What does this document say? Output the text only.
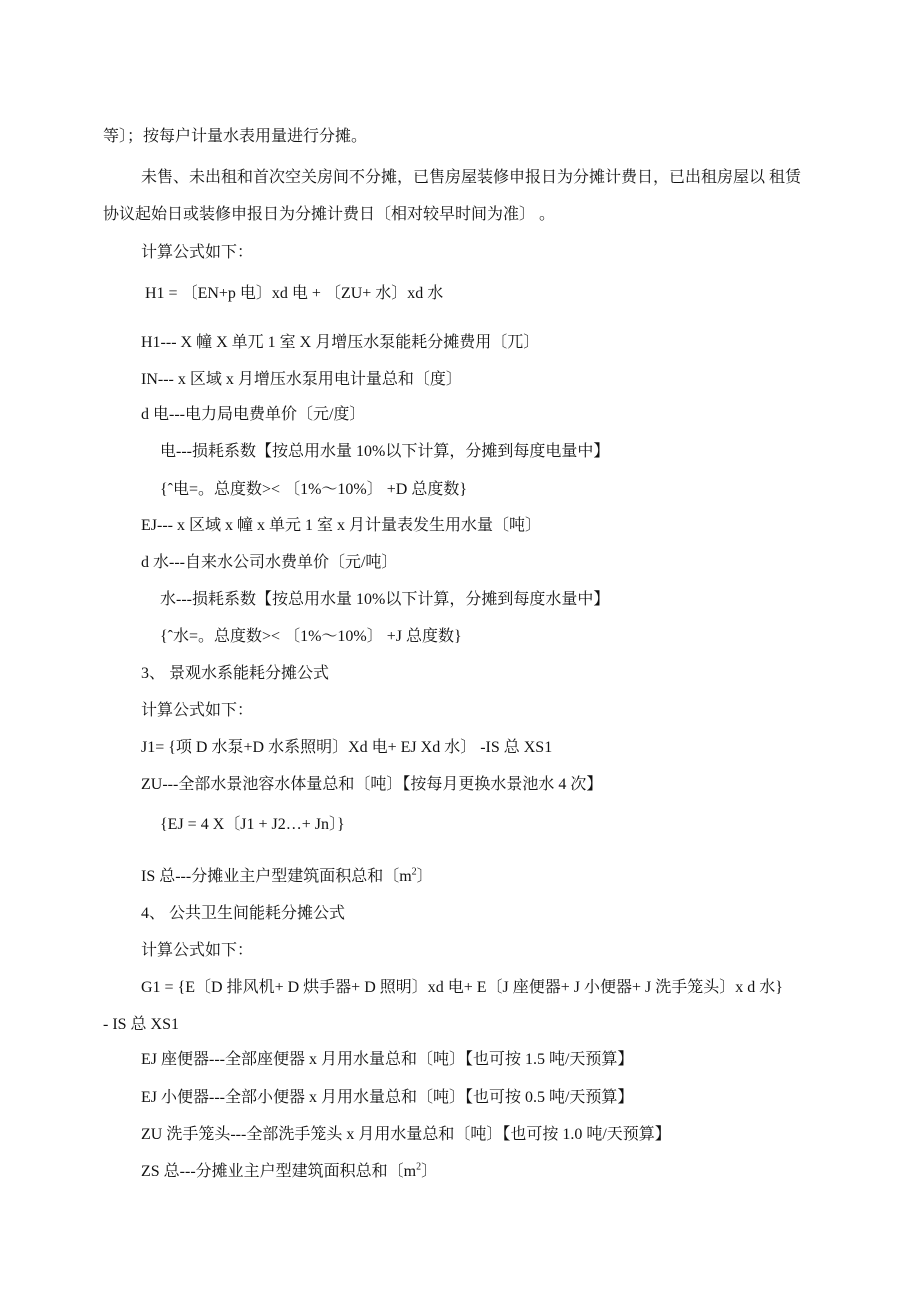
等〕；按每户计量水表用量进行分摊。
未售、未出租和首次空关房间不分摊，已售房屋装修申报日为分摊计费日，已出租房屋以 租赁
协议起始日或装修申报日为分摊计费日〔相对较早时间为准〕 。
计算公式如下：
H1 = 〔EN+p 电〕xd 电 + 〔ZU+ 水〕xd 水
H1--- X 幢 X 单兀 1 室 X 月增压水泵能耗分摊费用〔兀〕
IN--- x 区域 x 月增压水泵用电计量总和〔度〕
d 电---电力局电费单价〔元/度〕
电---损耗系数【按总用水量 10%以下计算，分摊到每度电量中】
{ˆ电=。总度数>< 〔1%～10%〕 +D 总度数}
EJ--- x 区域 x 幢 x 单元 1 室 x 月计量表发生用水量〔吨〕
d 水---自来水公司水费单价〔元/吨〕
水---损耗系数【按总用水量 10%以下计算，分摊到每度水量中】
{ˆ水=。总度数>< 〔1%～10%〕 +J 总度数}
3、 景观水系能耗分摊公式
计算公式如下：
J1= {项 D 水泵+D 水系照明〕Xd 电+ EJ Xd 水〕 -IS 总 XS1
ZU---全部水景池容水体量总和〔吨〕【按每月更换水景池水 4 次】
{EJ = 4 X〔J1 + J2…+ Jn〕}
IS 总---分摊业主户型建筑面积总和〔$m^2$〕
4、 公共卫生间能耗分摊公式
计算公式如下：
G1 = {E〔D 排风机+ D 烘手器+ D 照明〕xd 电+ E〔J 座便器+ J 小便器+ J 洗手笼头〕x d 水}
- IS 总 XS1
EJ 座便器---全部座便器 x 月用水量总和〔吨〕【也可按 1.5 吨/天预算】
EJ 小便器---全部小便器 x 月用水量总和〔吨〕【也可按 0.5 吨/天预算】
ZU 洗手笼头---全部洗手笼头 x 月用水量总和〔吨〕【也可按 1.0 吨/天预算】
ZS 总---分摊业主户型建筑面积总和〔$m^2$〕
